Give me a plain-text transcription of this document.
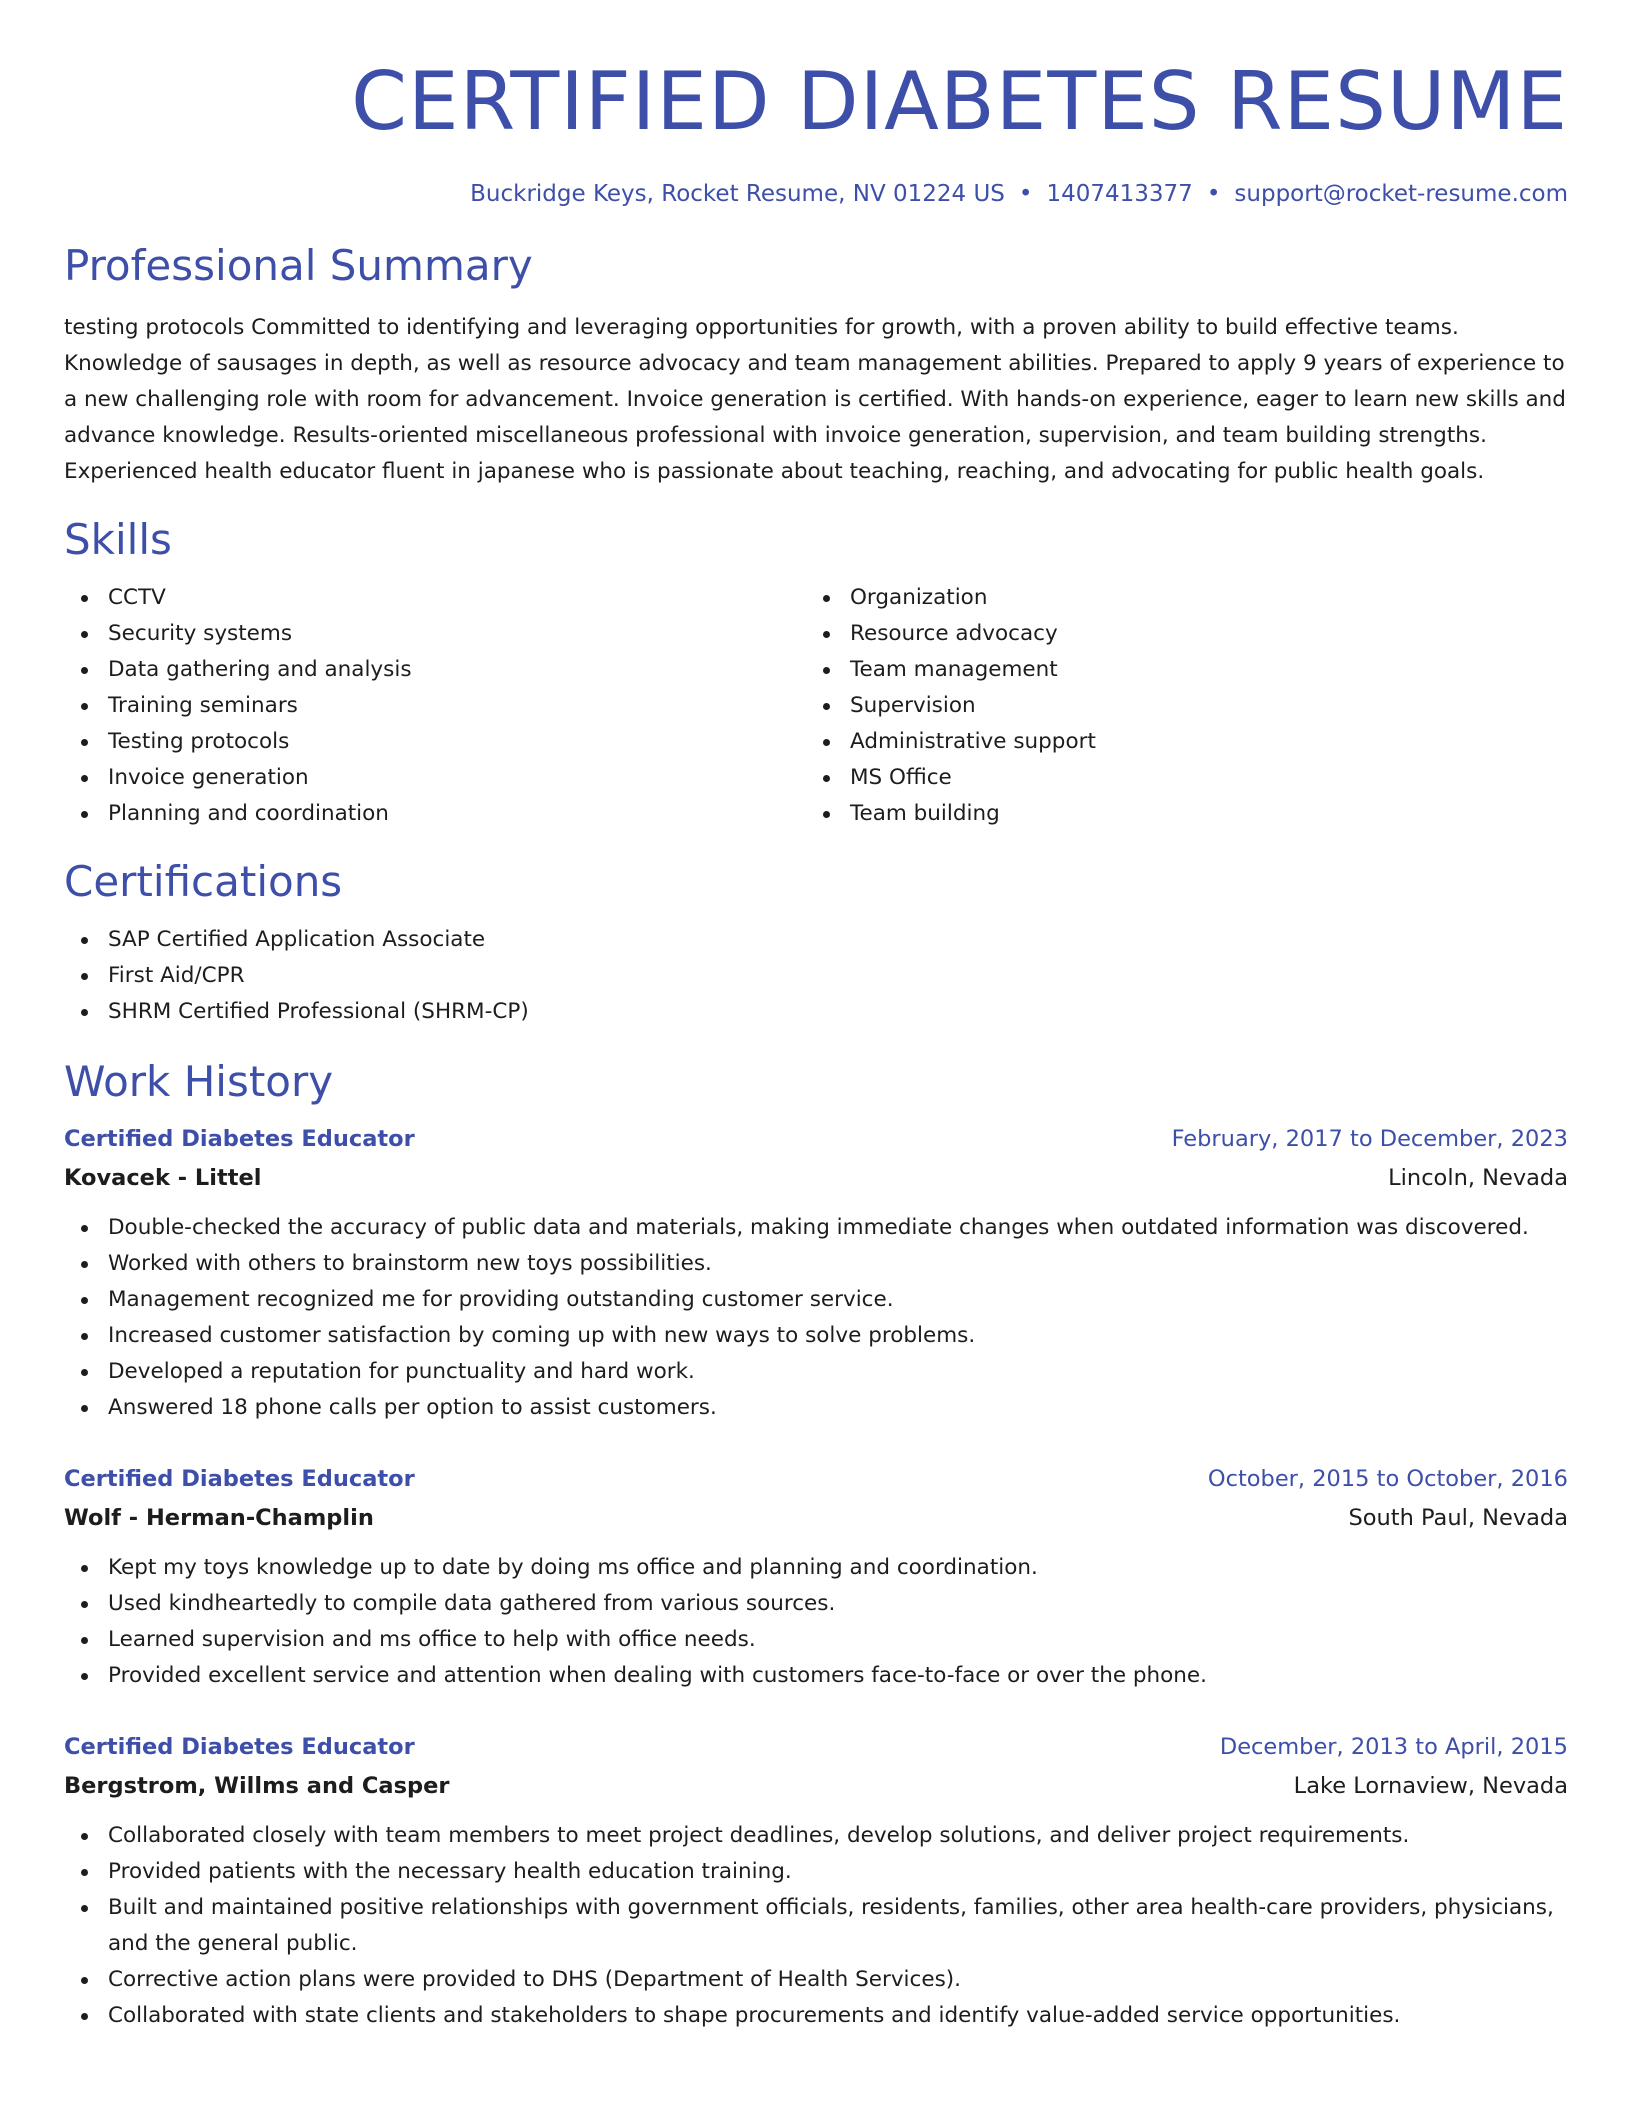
CERTIFIED DIABETES RESUME
Buckridge Keys, Rocket Resume, NV 01224 US • 1407413377 • support@rocket-resume.com
Professional Summary

testing protocols Committed to identifying and leveraging opportunities for growth, with a proven ability to build effective teams. Knowledge of sausages in depth, as well as resource advocacy and team management abilities. Prepared to apply 9 years of experience to a new challenging role with room for advancement. Invoice generation is certified. With hands-on experience, eager to learn new skills and advance knowledge. Results-oriented miscellaneous professional with invoice generation, supervision, and team building strengths. Experienced health educator fluent in japanese who is passionate about teaching, reaching, and advocating for public health goals.

Skills
CCTV
Security systems
Data gathering and analysis
Training seminars
Testing protocols
Invoice generation
Planning and coordination
Organization
Resource advocacy
Team management
Supervision
Administrative support
MS Office
Team building
Certifications
SAP Certified Application Associate
First Aid/CPR
SHRM Certified Professional (SHRM-CP)
Work History
Certified Diabetes Educator	February, 2017 to December, 2023
Kovacek - Littel	Lincoln, Nevada
Double-checked the accuracy of public data and materials, making immediate changes when outdated information was discovered.
Worked with others to brainstorm new toys possibilities.
Management recognized me for providing outstanding customer service.
Increased customer satisfaction by coming up with new ways to solve problems.
Developed a reputation for punctuality and hard work.
Answered 18 phone calls per option to assist customers.
Certified Diabetes Educator	October, 2015 to October, 2016
Wolf - Herman-Champlin	South Paul, Nevada
Kept my toys knowledge up to date by doing ms office and planning and coordination.
Used kindheartedly to compile data gathered from various sources.
Learned supervision and ms office to help with office needs.
Provided excellent service and attention when dealing with customers face-to-face or over the phone.
Certified Diabetes Educator	December, 2013 to April, 2015
Bergstrom, Willms and Casper	Lake Lornaview, Nevada
Collaborated closely with team members to meet project deadlines, develop solutions, and deliver project requirements.
Provided patients with the necessary health education training.
Built and maintained positive relationships with government officials, residents, families, other area health-care providers, physicians, and the general public.
Corrective action plans were provided to DHS (Department of Health Services).
Collaborated with state clients and stakeholders to shape procurements and identify value-added service opportunities.
